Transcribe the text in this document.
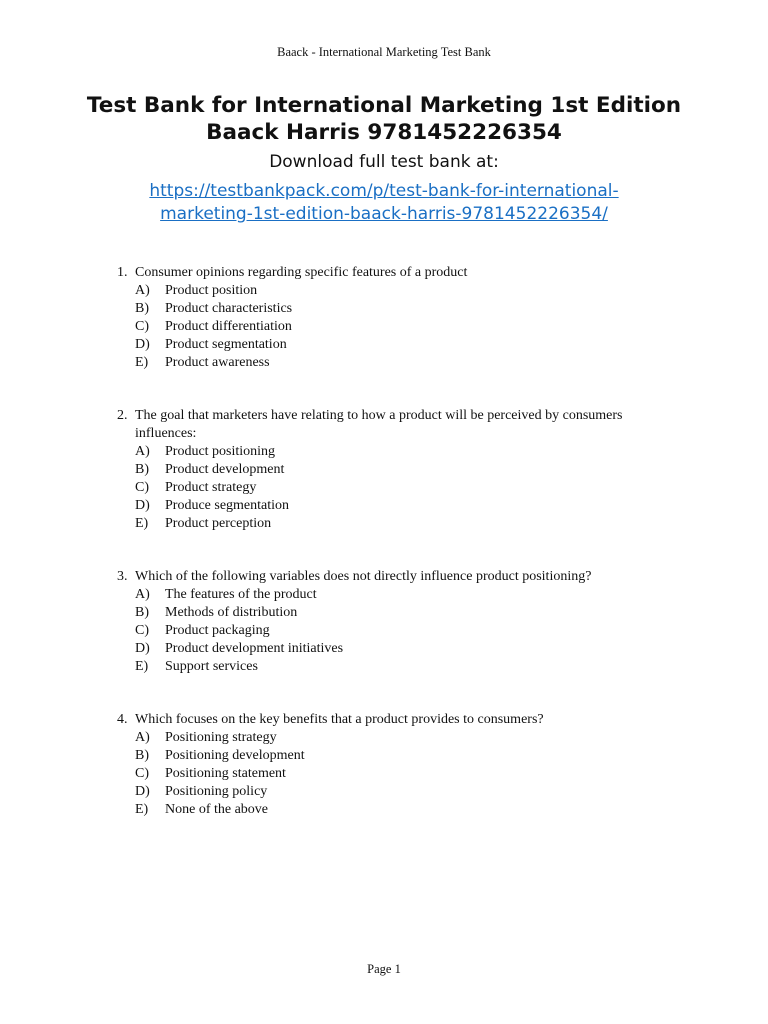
Baack - International Marketing Test Bank
Test Bank for International Marketing 1st Edition
Baack Harris 9781452226354
Download full test bank at:
https://testbankpack.com/p/test-bank-for-international-
marketing-1st-edition-baack-harris-9781452226354/
1. Consumer opinions regarding specific features of a product
A)	Product position
B)	Product characteristics
C)	Product differentiation
D)	Product segmentation
E)	Product awareness
2. The goal that marketers have relating to how a product will be perceived by consumers influences:
A)	Product positioning
B)	Product development
C)	Product strategy
D)	Produce segmentation
E)	Product perception
3. Which of the following variables does not directly influence product positioning?
A)	The features of the product
B)	Methods of distribution
C)	Product packaging
D)	Product development initiatives
E)	Support services
4. Which focuses on the key benefits that a product provides to consumers?
A)	Positioning strategy
B)	Positioning development
C)	Positioning statement
D)	Positioning policy
E)	None of the above
Page 1
